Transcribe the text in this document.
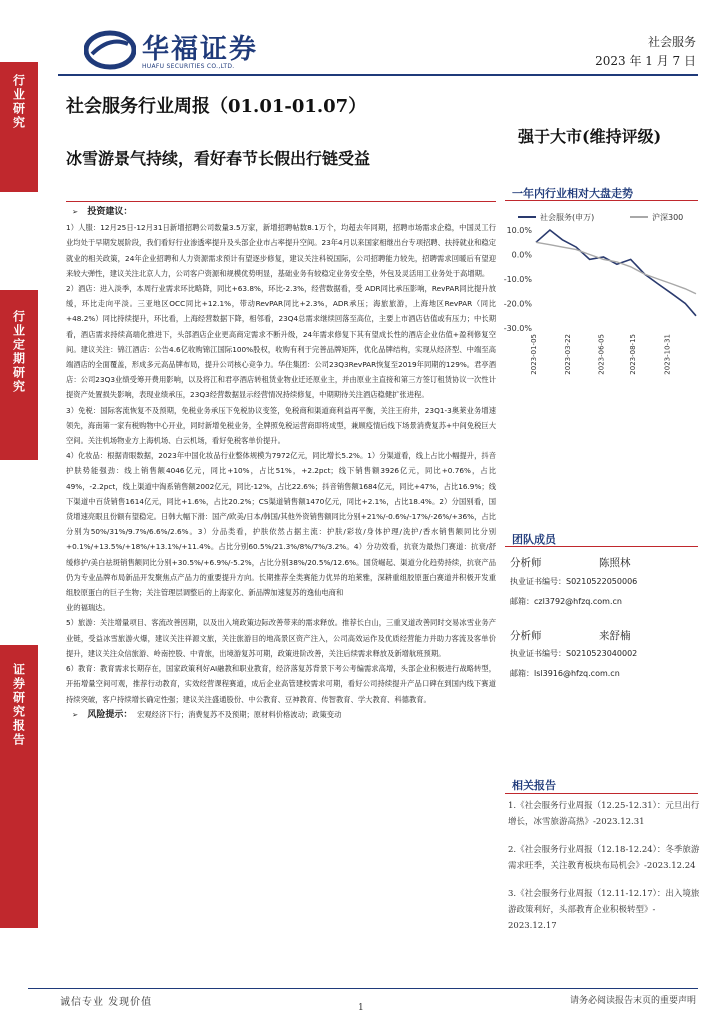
华福证券
HUAFU SECURITIES CO.,LTD.
社会服务
2023 年 1 月 7 日
行业研究
行业定期研究
证券研究报告
社会服务行业周报（01.01-01.07）
冰雪游景气持续，看好春节长假出行链受益
强于大市(维持评级)

➢ 投资建议：

1）人服：12月25日-12月31日新增招聘公司数量3.5万家，新增招聘帖数8.1万个，均超去年同期，招聘市场需求企稳，中国灵工行业均处于早期发展阶段，我们看好行业渗透率提升及头部企业市占率提升空间。23年4月以来国家相继出台专项招聘、扶持就业和稳定就业的相关政策，24年企业招聘和人力资源需求预计有望逐步修复，建议关注科锐国际，公司招聘能力较先，招聘需求回暖后有望迎来较大弹性，建议关注北京人力，公司客户资源和规模优势明显，基础业务有较稳定业务安全垫，外包及灵活用工业务处于高增期。

2）酒店：进入淡季，本周行业需求环比略降，同比+63.8%，环比-2.3%，经营数据看，受 ADR同比承压影响，RevPAR同比提升放缓，环比走向平淡。三亚地区OCC同比+12.1%，带动RevPAR同比+2.3%，ADR承压；海旅旅游，上海地区RevPAR（同比+48.2%）同比持续提升，环比看，上海经营数据下降，相邻看，23Q4总需求继续回落至高位，主要上市酒店估值或有压力；中长期看，酒店需求持续高端化推进下，头部酒店企业更高商定需求不断升级，24年需求修复下其有望成长性的酒店企业估值+盈利修复空间。建议关注：锦江酒店：公告4.6亿收购锦江国际100%股权，收购有利于完善品牌矩阵，优化品牌结构，实现从经济型、中端至高端酒店的全面覆盖，形成多元高品牌布局，提升公司核心竞争力。华住集团：公司23Q3RevPAR恢复至2019年同期的129%。君亭酒店：公司23Q3业绩受筹开费用影响，以及将江和君亭酒店转租赁业物业迁还原业主，并由原业主直接和第三方签订租赁协议一次性计提资产处置损失影响，表现业绩承压，23Q3经营数据显示经营情况持续修复，中期期待关注酒店稳健扩张进程。

3）免税：国际客流恢复不及预期，免税业务承压下免税协议变签，免税商和渠道商利益再平衡，关注王府井，23Q1-3奥莱业务增速领先，海南第一家有税购物中心开业，同时新增免税业务，全牌照免税运营商即将成型，兼顾疫情后线下场景消费复苏+中间免税巨大空间。关注机场物业方上海机场、白云机场，看好免税客单价提升。

4）化妆品：根据青眼数据，2023年中国化妆品行业整体规模为7972亿元，同比增长5.2%。1）分渠道看，线上占比小幅提升，抖音护肤势能强劲：线上销售额4046亿元，同比+10%，占比51%，+2.2pct；线下销售额3926亿元，同比+0.76%，占比49%，-2.2pct，线上渠道中淘系销售额2002亿元，同比-12%，占比22.6%；抖音销售额1684亿元，同比+47%，占比16.9%；线下渠道中百货销售1614亿元，同比+1.6%，占比20.2%；CS渠道销售额1470亿元，同比+2.1%，占比18.4%。2）分国别看，国货增速亮眼且份额有望稳定。日韩大幅下滑：国产/欧美/日本/韩国/其他外资销售额同比分别+21%/-0.6%/-17%/-26%/+36%，占比分别为50%/31%/9.7%/6.6%/2.6%。3）分品类看，护肤依然占据主流：护肤/彩妆/身体护理/洗护/香水销售额同比分别+0.1%/+13.5%/+18%/+13.1%/+11.4%。占比分别60.5%/21.3%/8%/7%/3.2%。4）分功效看，抗衰为最热门赛道：抗衰/舒缓修护/美白祛斑销售额同比分别+30.5%/+6.9%/-5.2%，占比分别38%/20.5%/12.6%。国货崛起、渠道分化趋势持续，抗衰产品仍为专业品牌布局新品开发聚焦点产品力的重要提升方向。长期推荐全类赛能力优异的珀莱雅，深耕重组胶原蛋白赛道并积极开发重组胶原蛋白的巨子生物；关注管理层调整后的上海家化、新品牌加速复苏的逸仙电商和

业的福瑞达。

5）旅游：关注增量项目、客流改善因期，以及出入境政策边际改善带来的需求释放。推荐长白山，三重叉道改善同时交易冰雪业务产业链，受益冰雪旅游火爆，建议关注祥源文旅，关注旅游目的地高景区资产注入，公司高效运作及优质经营能力并助力客流及客单价提升，建议关注众信旅游、岭南控股、中青旅，出境游复苏可期，政策进阶改善，关注后续需求释放及新增航班预期。

6）教育：教育需求长期存在，国家政策利好AI融教和职业教育，经济落复苏背景下考公考编需求高增，头部企业积极进行战略转型，开拓增量空间可观，推荐行动教育，实效经营课程赛道，成后企业高管建校需求可期，看好公司持续提升产品口碑在到国内线下赛道持续突破，客户持续增长确定性强；建议关注盛通股份、中公教育、豆神教育、传智教育、学大教育、科德教育。

➢ 风险提示： 宏观经济下行；消费复苏不及预期；原材料价格波动；政策变动

一年内行业相对大盘走势
社会服务(申万)	沪深300
10.0%
0.0%
-10.0%
-20.0%
-30.0%
2023-01-05	2023-03-22	2023-06-05	2023-08-15	2023-10-31
团队成员
分析师	陈照林
执业证书编号：S0210522050006
邮箱：czl3792@hfzq.com.cn
分析师	来舒楠
执业证书编号：S0210523040002
邮箱：lsl3916@hfzq.com.cn
相关报告
1.《社会服务行业周报（12.25-12.31）：元旦出行
增长，冰雪旅游高热》-2023.12.31
2.《社会服务行业周报（12.18-12.24）：冬季旅游
需求旺季，关注教育板块布局机会》-2023.12.24
3.《社会服务行业周报（12.11-12.17）：出入境旅
游政策利好，头部教育企业积极转型》-
2023.12.17
诚信专业 发现价值	1
请务必阅读报告末页的重要声明
